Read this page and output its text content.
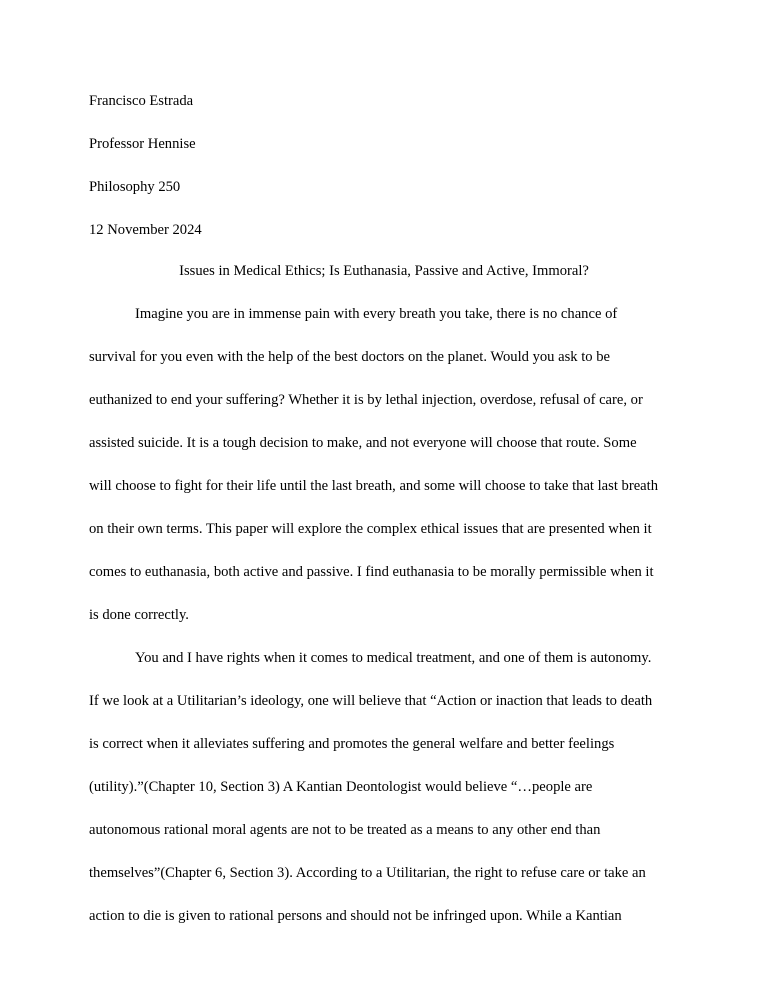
Francisco Estrada
Professor Hennise
Philosophy 250
12 November 2024
Issues in Medical Ethics; Is Euthanasia, Passive and Active, Immoral?
Imagine you are in immense pain with every breath you take, there is no chance of
survival for you even with the help of the best doctors on the planet. Would you ask to be
euthanized to end your suffering? Whether it is by lethal injection, overdose, refusal of care, or
assisted suicide. It is a tough decision to make, and not everyone will choose that route. Some
will choose to fight for their life until the last breath, and some will choose to take that last breath
on their own terms. This paper will explore the complex ethical issues that are presented when it
comes to euthanasia, both active and passive. I find euthanasia to be morally permissible when it
is done correctly.
You and I have rights when it comes to medical treatment, and one of them is autonomy.
If we look at a Utilitarian’s ideology, one will believe that “Action or inaction that leads to death
is correct when it alleviates suffering and promotes the general welfare and better feelings
(utility).”(Chapter 10, Section 3) A Kantian Deontologist would believe “…people are
autonomous rational moral agents are not to be treated as a means to any other end than
themselves”(Chapter 6, Section 3). According to a Utilitarian, the right to refuse care or take an
action to die is given to rational persons and should not be infringed upon. While a Kantian
